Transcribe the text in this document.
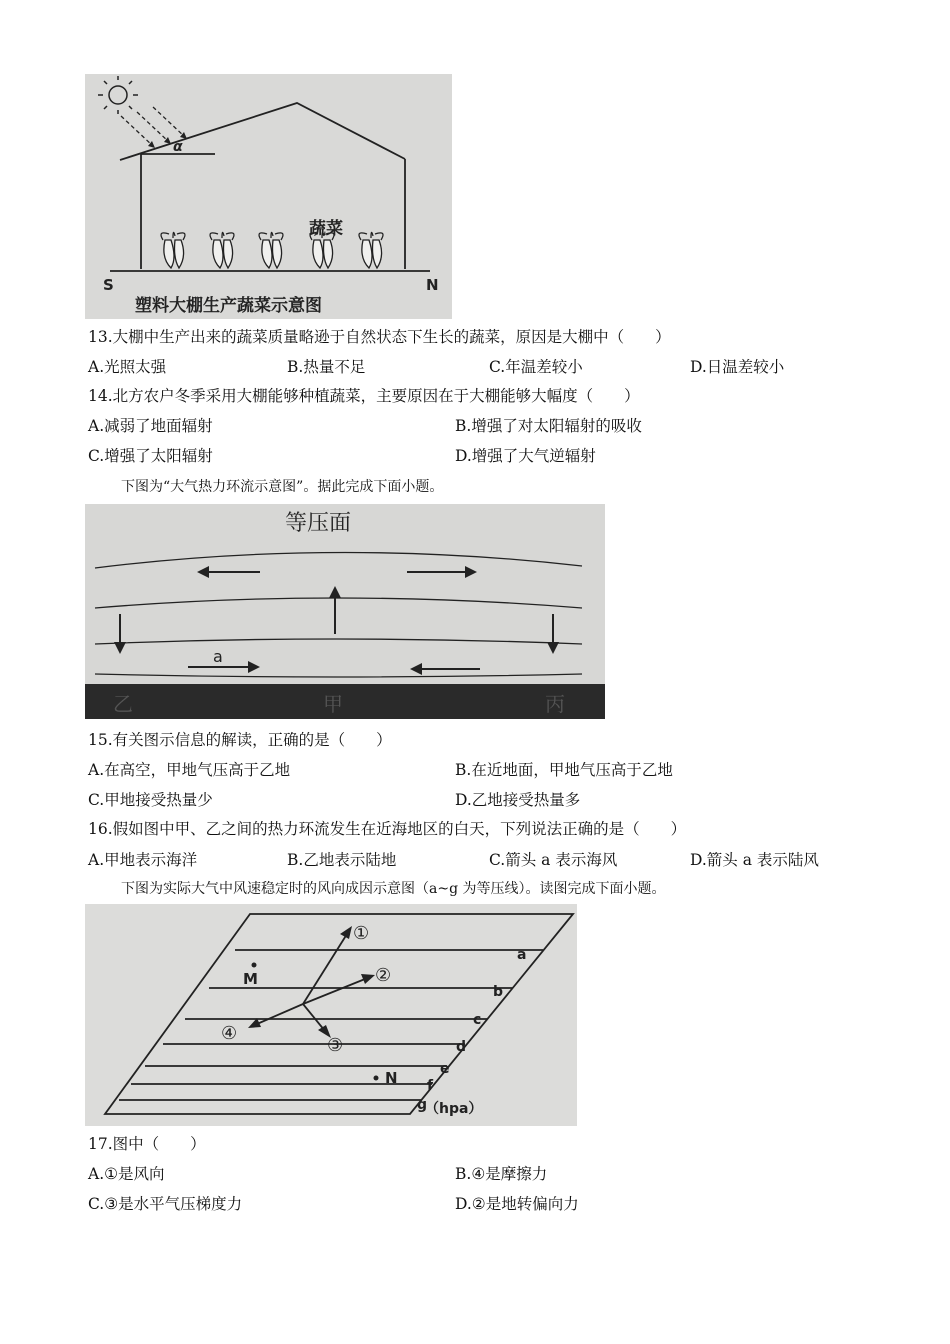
α
蔬菜
S	N
塑料大棚生产蔬菜示意图
13.大棚中生产出来的蔬菜质量略逊于自然状态下生长的蔬菜，原因是大棚中（　　）
A.光照太强	B.热量不足	C.年温差较小	D.日温差较小
14.北方农户冬季采用大棚能够种植蔬菜，主要原因在于大棚能够大幅度（　　）
A.减弱了地面辐射	B.增强了对太阳辐射的吸收
C.增强了太阳辐射	D.增强了大气逆辐射
下图为“大气热力环流示意图”。据此完成下面小题。
等压面
a
乙	甲	丙
15.有关图示信息的解读，正确的是（　　）
A.在高空，甲地气压高于乙地	B.在近地面，甲地气压高于乙地
C.甲地接受热量少	D.乙地接受热量多
16.假如图中甲、乙之间的热力环流发生在近海地区的白天，下列说法正确的是（　　）
A.甲地表示海洋	B.乙地表示陆地	C.箭头 a 表示海风	D.箭头 a 表示陆风
下图为实际大气中风速稳定时的风向成因示意图（a~g 为等压线）。读图完成下面小题。
a
b
c
d
e
f
g
（hpa）
M
N
①
②
③
④
17.图中（　　）
A.①是风向	B.④是摩擦力
C.③是水平气压梯度力	D.②是地转偏向力
